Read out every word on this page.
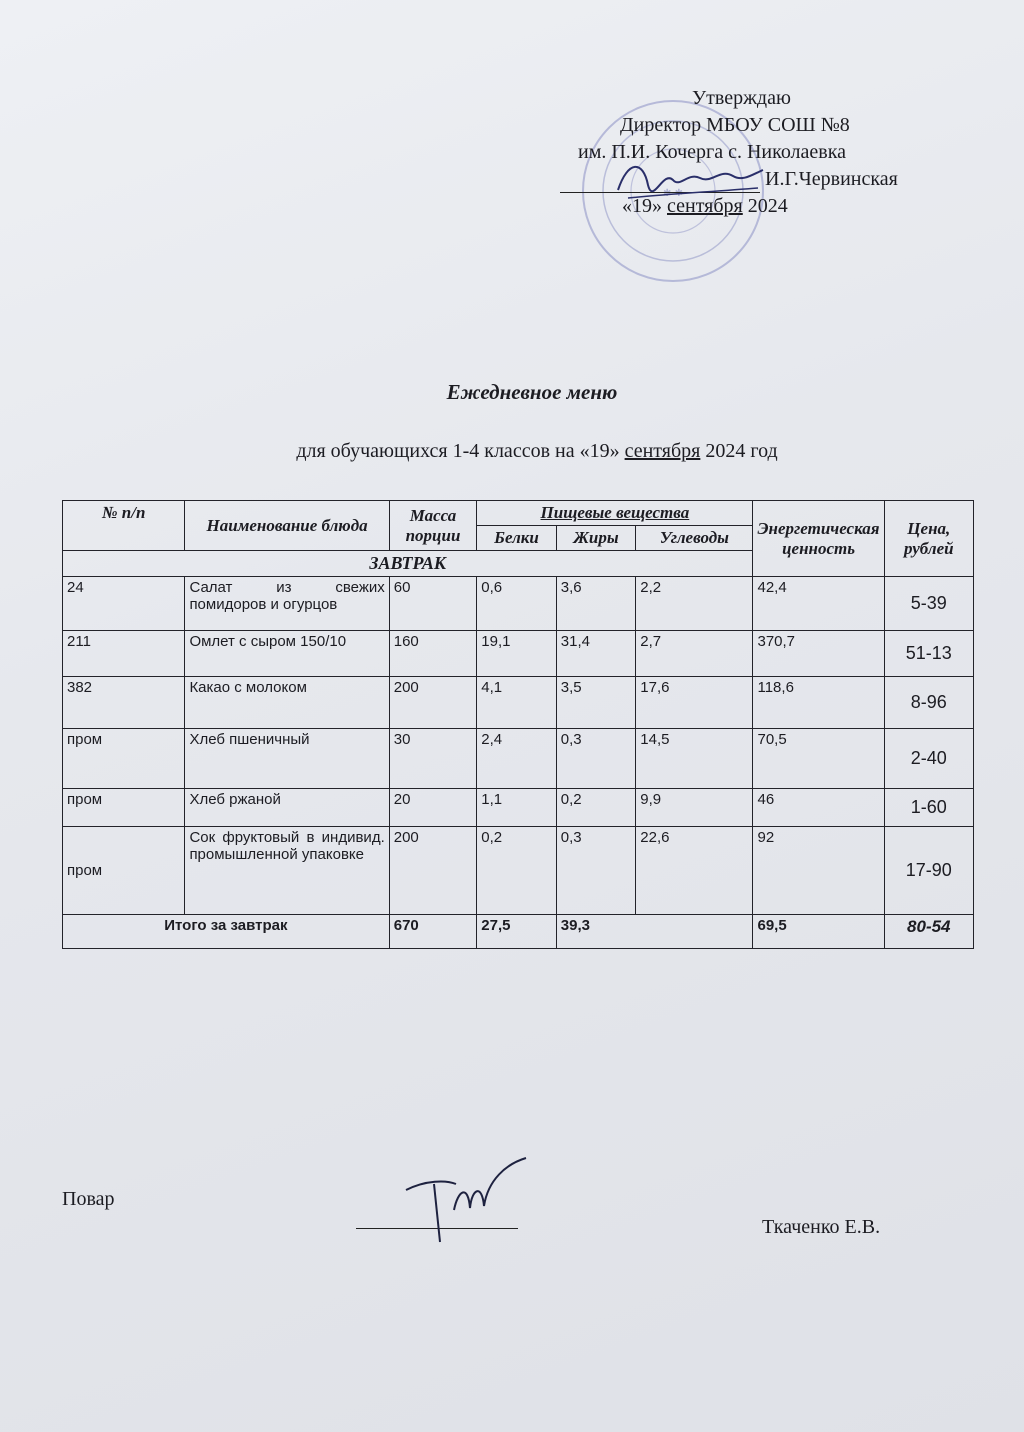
✱ ✱
Утверждаю
Директор МБОУ СОШ №8
им. П.И. Кочерга с. Николаевка
И.Г.Червинская
«19» сентября 2024
Ежедневное меню
для обучающихся 1-4 классов на «19» сентября 2024 год
№ п/п	Наименование блюда	Масса порции	Пищевые вещества			Энергетическая ценность	Цена, рублей
			Белки	Жиры	Углеводы		
ЗАВТРАК							
24	Салат из свежих помидоров и огурцов	60	0,6	3,6	2,2	42,4	5-39
211	Омлет с сыром 150/10	160	19,1	31,4	2,7	370,7	51-13
382	Какао с молоком	200	4,1	3,5	17,6	118,6	8-96
пром	Хлеб пшеничный	30	2,4	0,3	14,5	70,5	2-40
пром	Хлеб ржаной	20	1,1	0,2	9,9	46	1-60
пром	Сок фруктовый в индивид. промышленной упаковке	200	0,2	0,3	22,6	92	17-90
Итого за завтрак		670	27,5	39,3		69,5	80-54
Повар
Ткаченко Е.В.
